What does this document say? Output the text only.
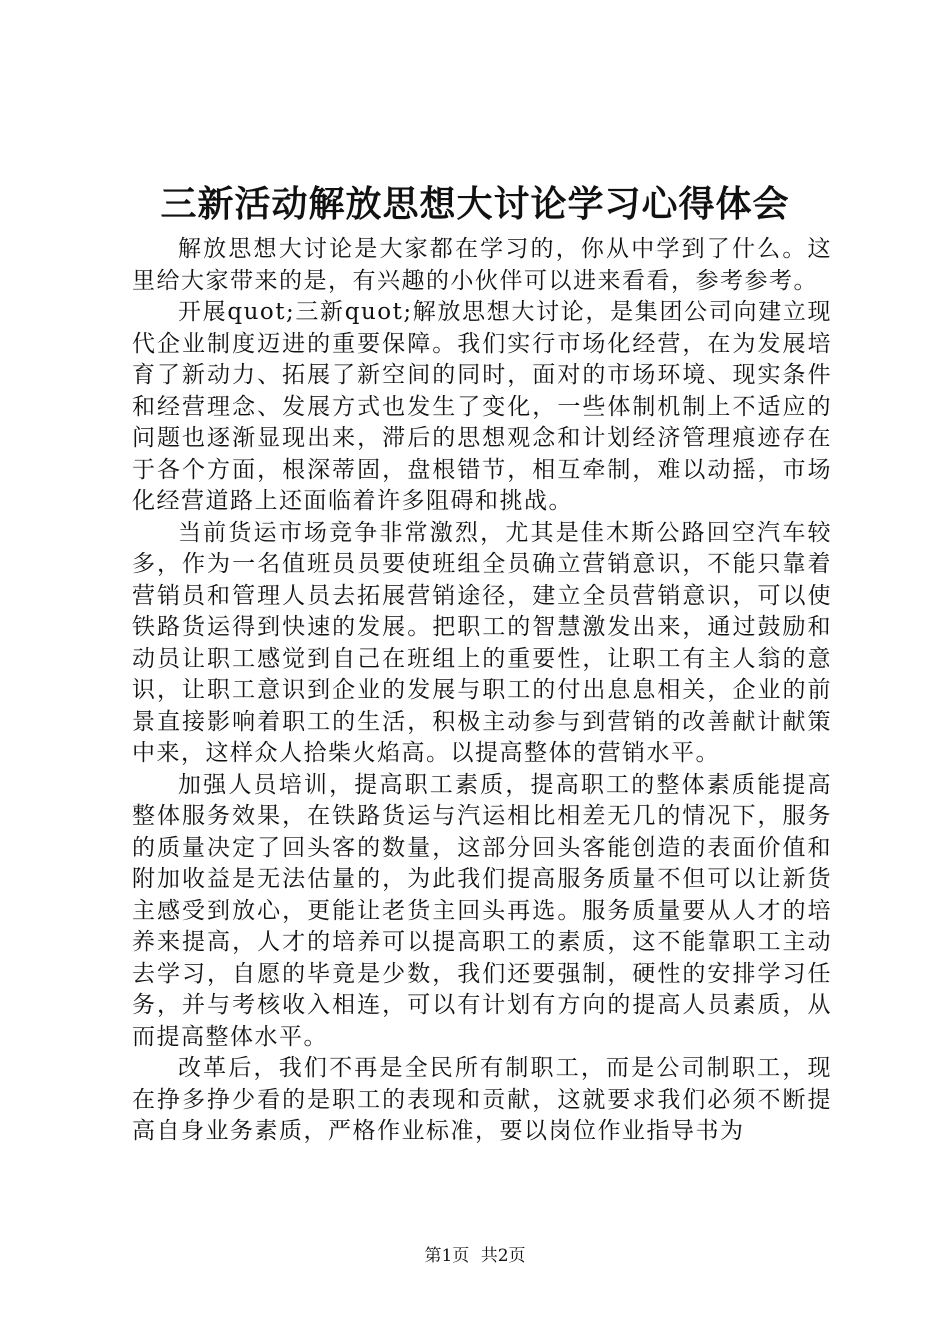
三新活动解放思想大讨论学习心得体会

解放思想大讨论是大家都在学习的，你从中学到了什么。这里给大家带来的是，有兴趣的小伙伴可以进来看看，参考参考。

开展quot;三新quot;解放思想大讨论，是集团公司向建立现代企业制度迈进的重要保障。我们实行市场化经营，在为发展培育了新动力、拓展了新空间的同时，面对的市场环境、现实条件和经营理念、发展方式也发生了变化，一些体制机制上不适应的问题也逐渐显现出来，滞后的思想观念和计划经济管理痕迹存在于各个方面，根深蒂固，盘根错节，相互牵制，难以动摇，市场化经营道路上还面临着许多阻碍和挑战。

当前货运市场竞争非常激烈，尤其是佳木斯公路回空汽车较多，作为一名值班员员要使班组全员确立营销意识，不能只靠着营销员和管理人员去拓展营销途径，建立全员营销意识，可以使铁路货运得到快速的发展。把职工的智慧激发出来，通过鼓励和动员让职工感觉到自己在班组上的重要性，让职工有主人翁的意识，让职工意识到企业的发展与职工的付出息息相关，企业的前景直接影响着职工的生活，积极主动参与到营销的改善献计献策中来，这样众人拾柴火焰高。以提高整体的营销水平。

加强人员培训，提高职工素质，提高职工的整体素质能提高整体服务效果，在铁路货运与汽运相比相差无几的情况下，服务的质量决定了回头客的数量，这部分回头客能创造的表面价值和附加收益是无法估量的，为此我们提高服务质量不但可以让新货主感受到放心，更能让老货主回头再选。服务质量要从人才的培养来提高，人才的培养可以提高职工的素质，这不能靠职工主动去学习，自愿的毕竟是少数，我们还要强制，硬性的安排学习任务，并与考核收入相连，可以有计划有方向的提高人员素质，从而提高整体水平。

改革后，我们不再是全民所有制职工，而是公司制职工，现在挣多挣少看的是职工的表现和贡献，这就要求我们必须不断提高自身业务素质，严格作业标准，要以岗位作业指导书为

第1页 共2页
